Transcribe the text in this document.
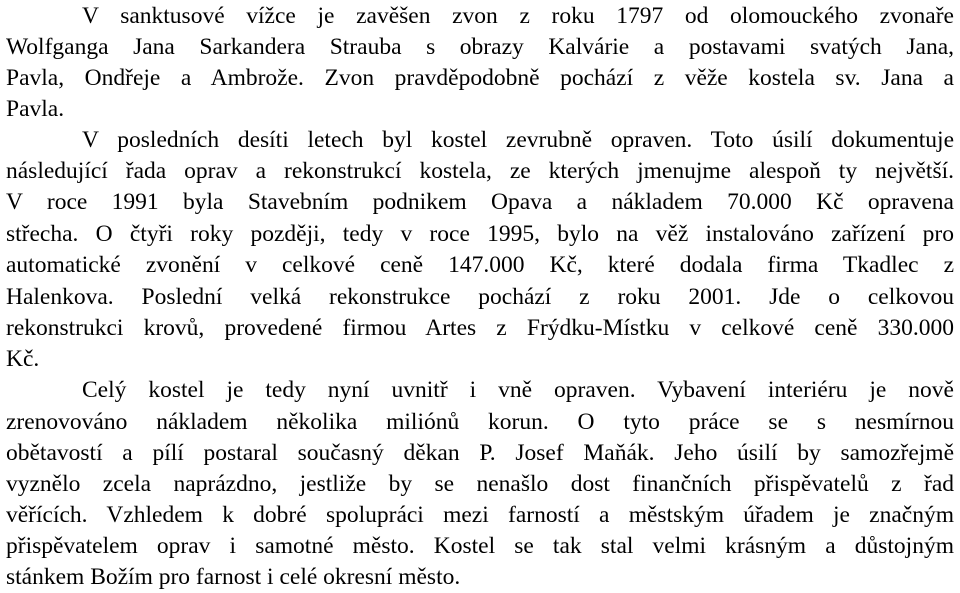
V sanktusové vížce je zavěšen zvon z roku 1797 od olomouckého zvonaře
Wolfganga Jana Sarkandera Strauba s obrazy Kalvárie a postavami svatých Jana,
Pavla, Ondřeje a Ambrože. Zvon pravděpodobně pochází z věže kostela sv. Jana a
Pavla.
V posledních desíti letech byl kostel zevrubně opraven. Toto úsilí dokumentuje
následující řada oprav a rekonstrukcí kostela, ze kterých jmenujme alespoň ty největší.
V roce 1991 byla Stavebním podnikem Opava a nákladem 70.000 Kč opravena
střecha. O čtyři roky později, tedy v roce 1995, bylo na věž instalováno zařízení pro
automatické zvonění v celkové ceně 147.000 Kč, které dodala firma Tkadlec z
Halenkova. Poslední velká rekonstrukce pochází z roku 2001. Jde o celkovou
rekonstrukci krovů, provedené firmou Artes z Frýdku-Místku v celkové ceně 330.000
Kč.
Celý kostel je tedy nyní uvnitř i vně opraven. Vybavení interiéru je nově
zrenovováno nákladem několika miliónů korun. O tyto práce se s nesmírnou
obětavostí a pílí postaral současný děkan P. Josef Maňák. Jeho úsilí by samozřejmě
vyznělo zcela naprázdno, jestliže by se nenašlo dost finančních přispěvatelů z řad
věřících. Vzhledem k dobré spolupráci mezi farností a městským úřadem je značným
přispěvatelem oprav i samotné město. Kostel se tak stal velmi krásným a důstojným
stánkem Božím pro farnost i celé okresní město.
